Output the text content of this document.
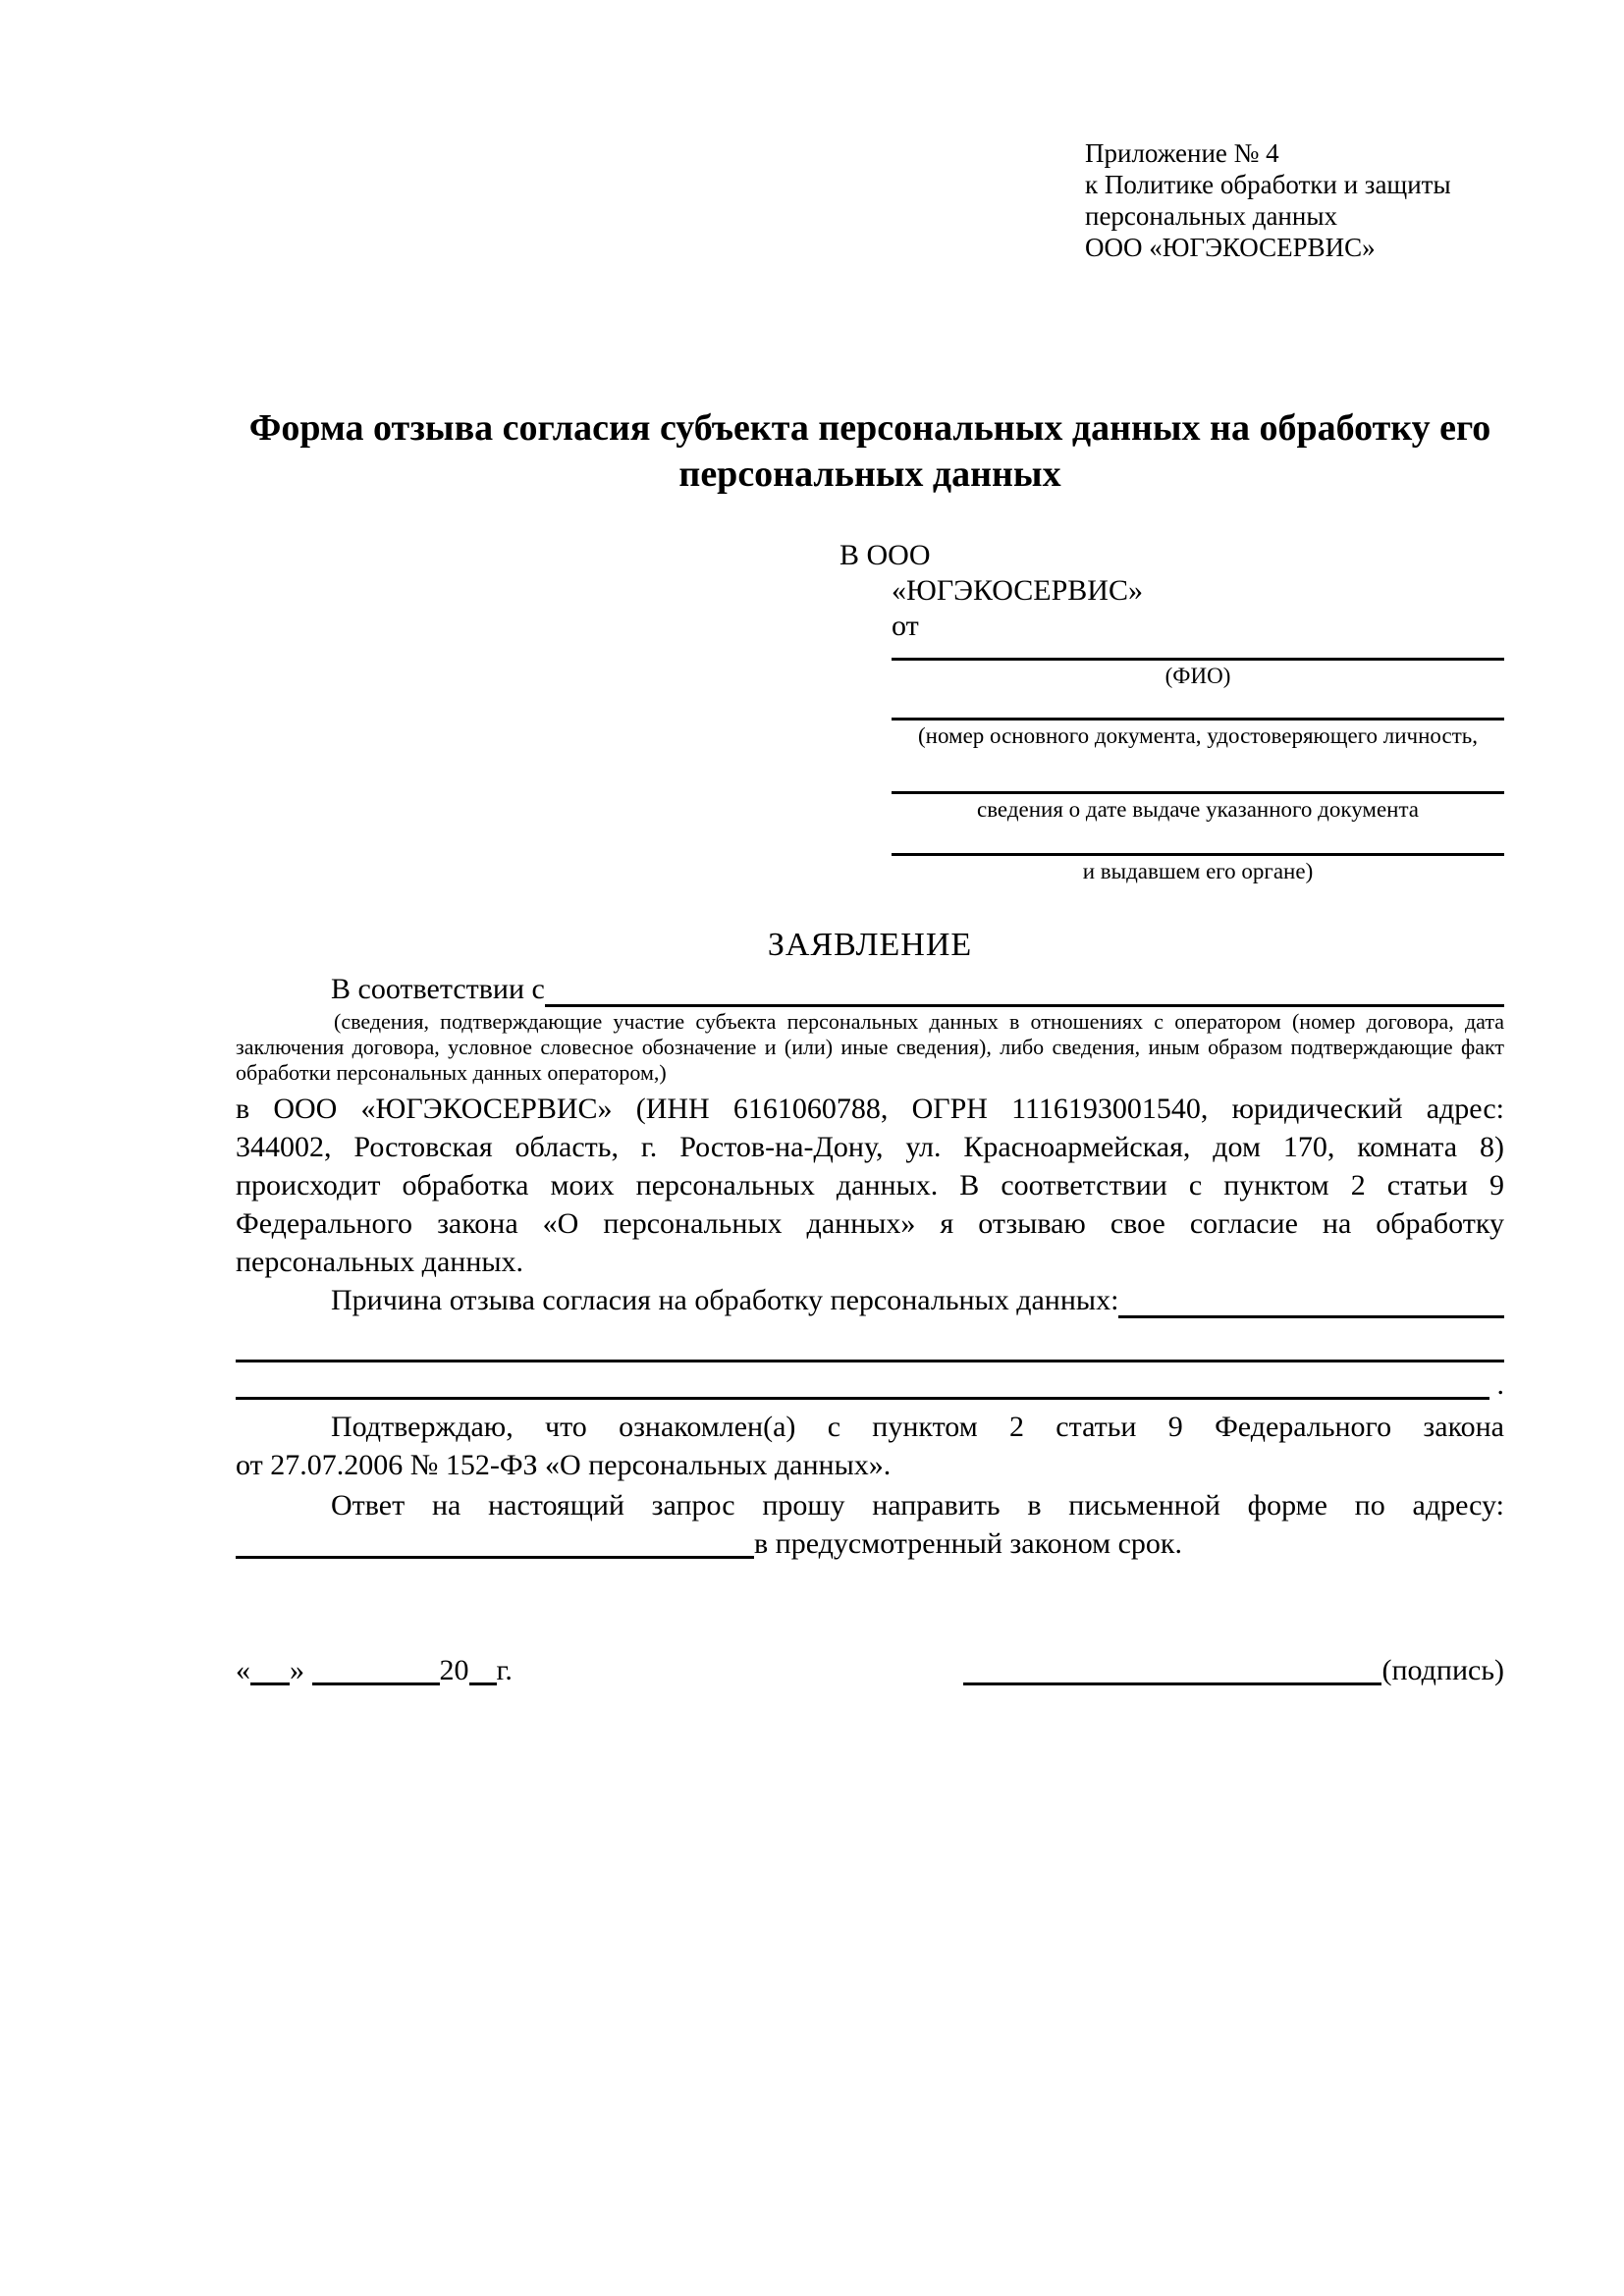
Приложение № 4
к Политике обработки и защиты
персональных данных
ООО «ЮГЭКОСЕРВИС»
Форма отзыва согласия субъекта персональных данных на обработку его персональных данных
В ООО
«ЮГЭКОСЕРВИС»
от
(ФИО)
(номер основного документа, удостоверяющего личность,
сведения о дате выдаче указанного документа
и выдавшем его органе)
ЗАЯВЛЕНИЕ
В соответствии с
(сведения, подтверждающие участие субъекта персональных данных в отношениях с оператором (номер договора, дата
заключения договора, условное словесное обозначение и (или) иные сведения), либо сведения, иным образом подтверждающие факт
обработки персональных данных оператором,)
в ООО «ЮГЭКОСЕРВИС» (ИНН 6161060788, ОГРН 1116193001540, юридический адрес:
344002, Ростовская область, г. Ростов-на-Дону, ул. Красноармейская, дом 170, комната 8)
происходит обработка моих персональных данных. В соответствии с пунктом 2 статьи 9
Федерального закона «О персональных данных» я отзываю свое согласие на обработку
персональных данных.
Причина отзыва согласия на обработку персональных данных:
.
Подтверждаю, что ознакомлен(а) с пунктом 2 статьи 9 Федерального закона
от 27.07.2006 № 152-ФЗ «О персональных данных».
Ответ на настоящий запрос прошу направить в письменной форме по адресу:
в предусмотренный законом срок.
« »	20 г.	(подпись)
